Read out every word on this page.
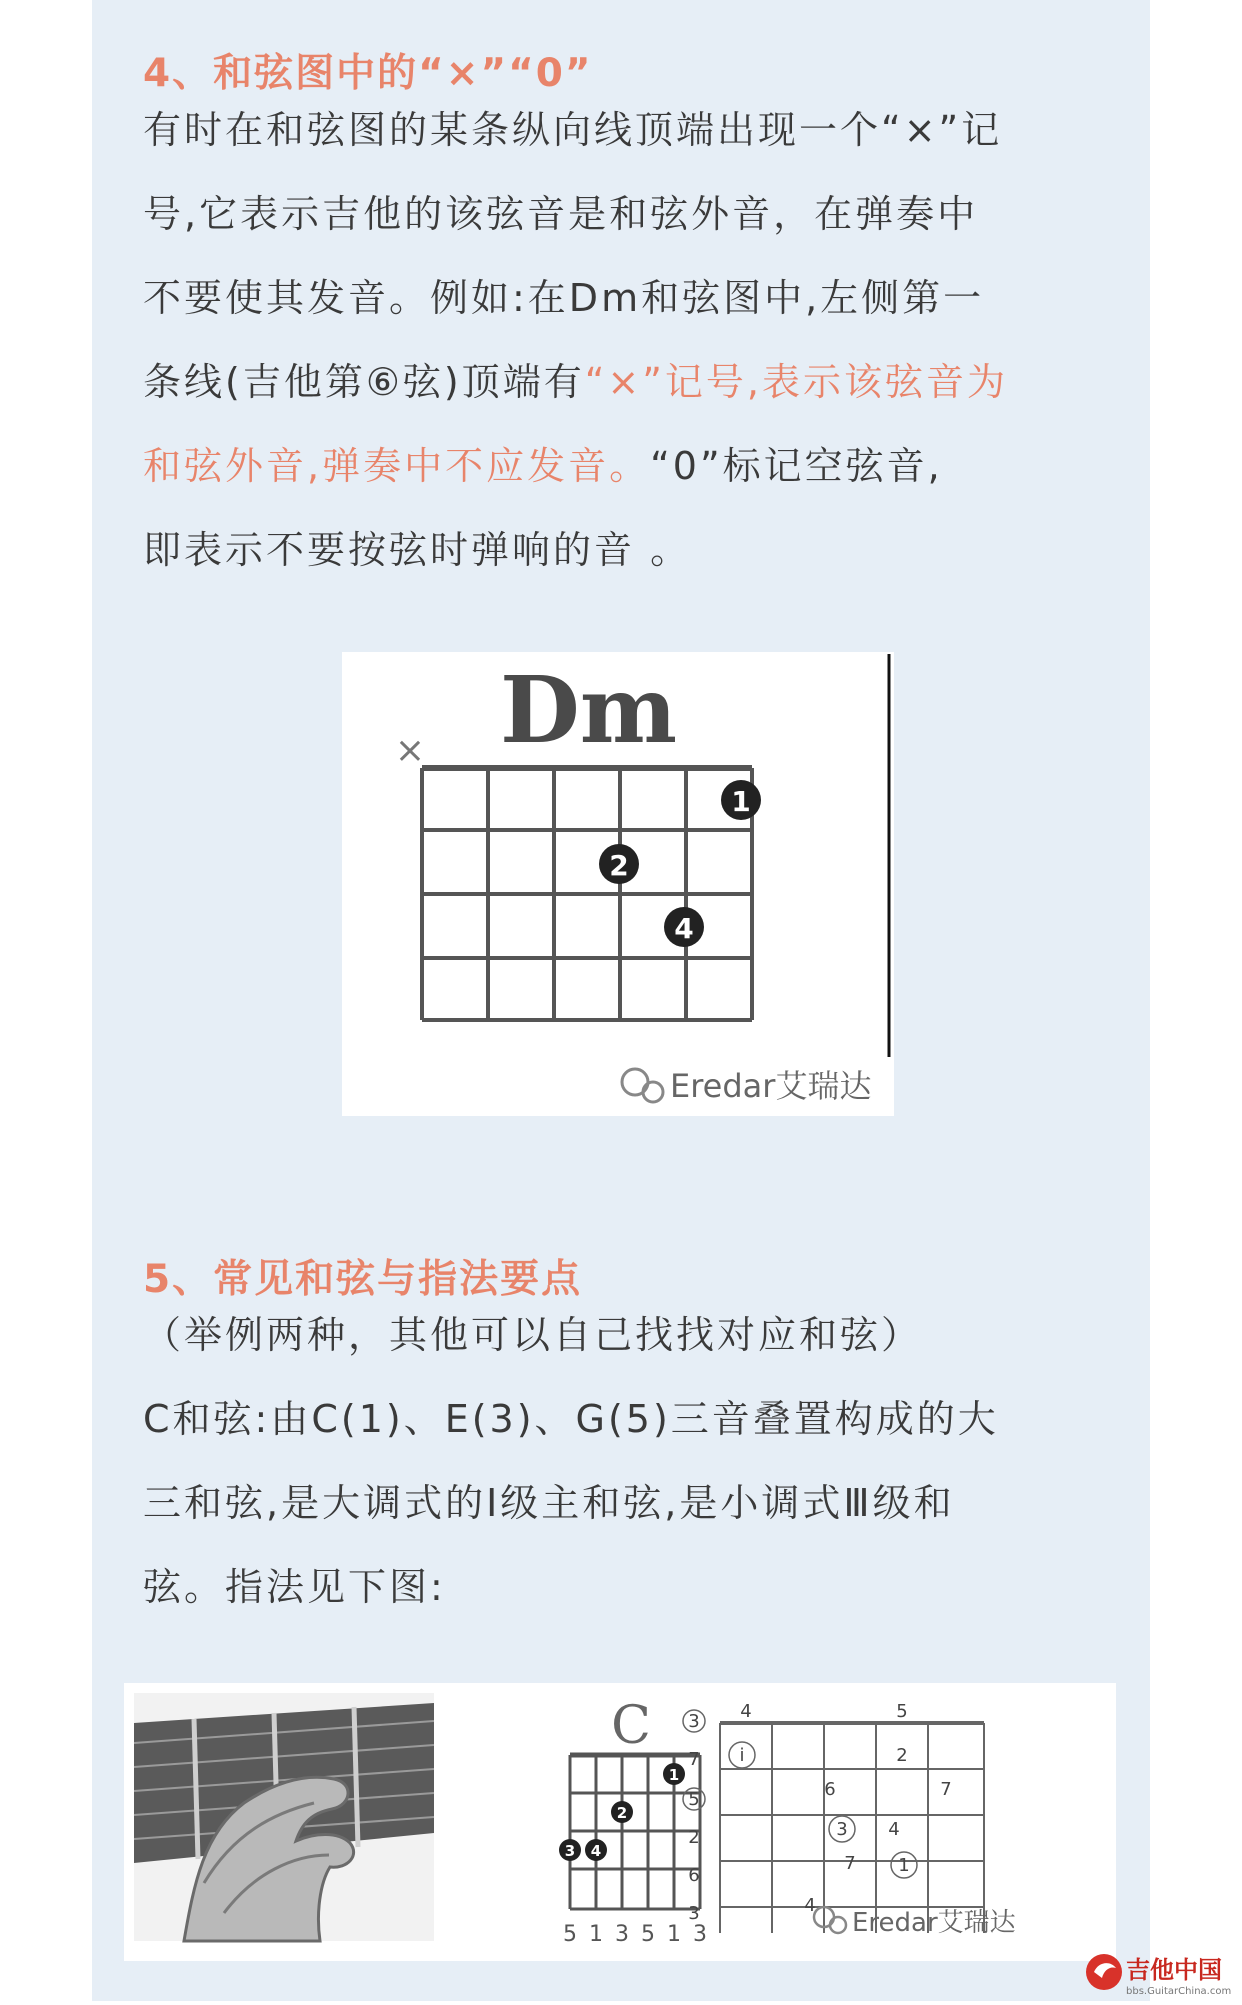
4、和弦图中的“×”“0”
有时在和弦图的某条纵向线顶端出现一个“×”记
号,它表示吉他的该弦音是和弦外音，在弹奏中
不要使其发音。例如:在Dm和弦图中,左侧第一
条线(吉他第⑥弦)顶端有“×”记号,表示该弦音为
和弦外音,弹奏中不应发音。“0”标记空弦音,
即表示不要按弦时弹响的音 。
Dm
×
1
2
4
Eredar艾瑞达
5、常见和弦与指法要点
（举例两种，其他可以自己找找对应和弦）
C和弦:由C(1)、E(3)、G(5)三音叠置构成的大
三和弦,是大调式的Ⅰ级主和弦,是小调式Ⅲ级和
弦。指法见下图:
C
1
2
3 4
5 1 3 5 1 3
3
7
5
2
6
3
4	5
i	2
6	7
3 4
7 1
4
Eredar艾瑞达
吉他中国
bbs.GuitarChina.com
